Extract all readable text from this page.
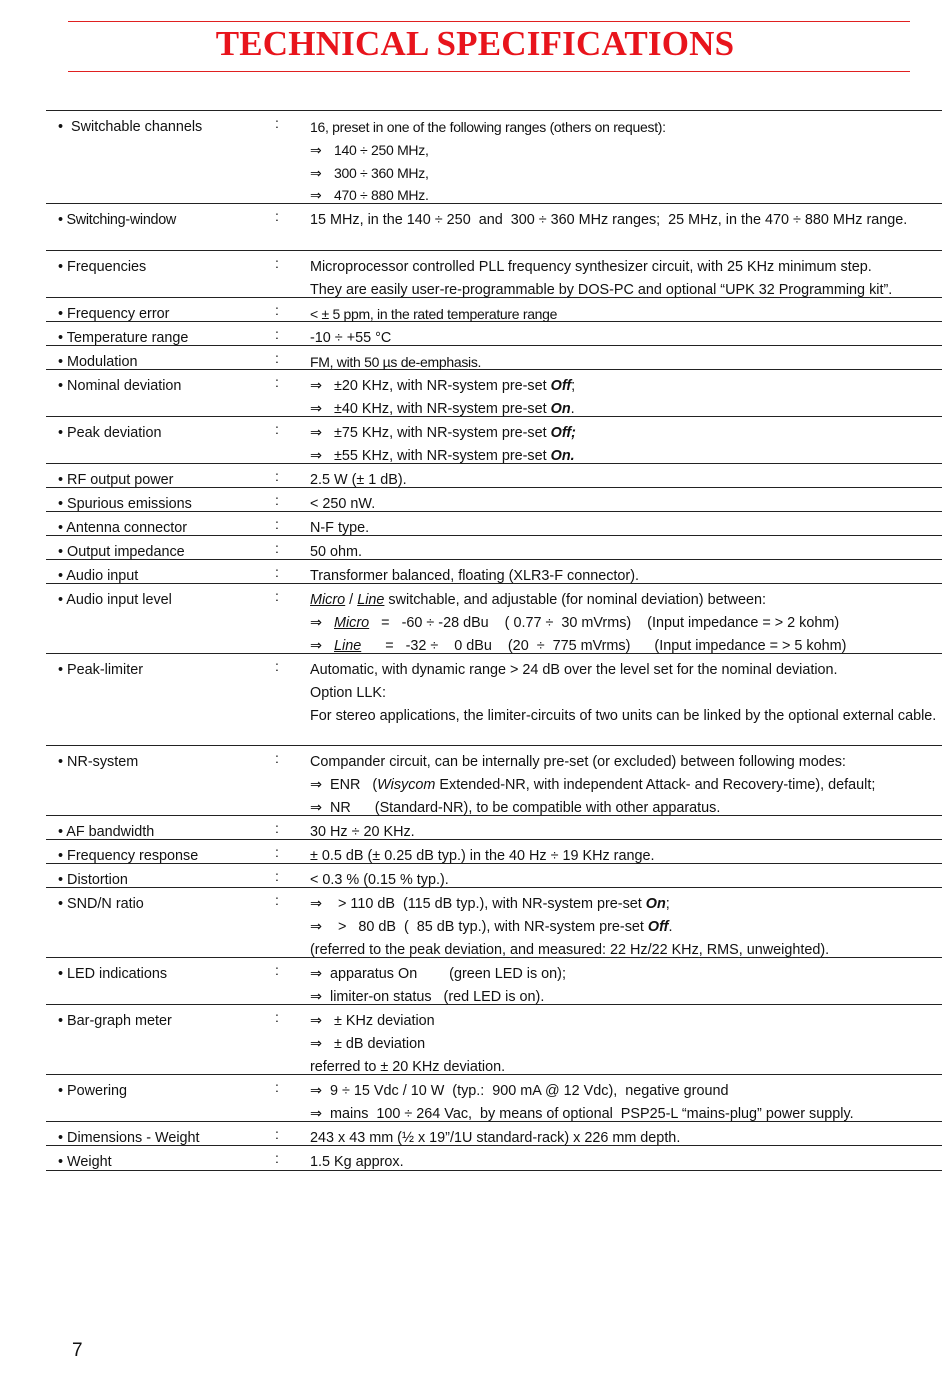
TECHNICAL SPECIFICATIONS
• Switchable channels	: 16, preset in one of the following ranges (others on request):
⇒ 140 ÷ 250 MHz,
⇒ 300 ÷ 360 MHz,
⇒ 470 ÷ 880 MHz.
• Switching-window	: 15 MHz, in the 140 ÷ 250  and  300 ÷ 360 MHz ranges;  25 MHz, in the 470 ÷ 880 MHz range.
• Frequencies	: Microprocessor controlled PLL frequency synthesizer circuit, with 25 KHz minimum step.
They are easily user-re-programmable by DOS-PC and optional “UPK 32 Programming kit”.
• Frequency error	: < ± 5 ppm, in the rated temperature range
• Temperature range	: -10 ÷ +55 °C
• Modulation	: FM, with 50 µs de-emphasis.
• Nominal deviation	: ⇒ ±20 KHz, with NR-system pre-set Off;
⇒ ±40 KHz, with NR-system pre-set On.
• Peak deviation	: ⇒ ±75 KHz, with NR-system pre-set Off;
⇒ ±55 KHz, with NR-system pre-set On.
• RF output power	: 2.5 W (± 1 dB).
• Spurious emissions	: < 250 nW.
• Antenna connector	: N-F type.
• Output impedance	: 50 ohm.
• Audio input	: Transformer balanced, floating (XLR3-F connector).
• Audio input level	: Micro / Line switchable, and adjustable (for nominal deviation) between:
⇒ Micro   =   -60 ÷ -28 dBu    ( 0.77 ÷  30 mVrms)    (Input impedance = > 2 kohm)
⇒ Line      =   -32 ÷    0 dBu    (20  ÷  775 mVrms)      (Input impedance = > 5 kohm)
• Peak-limiter	: Automatic, with dynamic range > 24 dB over the level set for the nominal deviation.
Option LLK:
For stereo applications, the limiter-circuits of two units can be linked by the optional external cable.
• NR-system	: Compander circuit, can be internally pre-set (or excluded) between following modes:
⇒ ENR   (Wisycom Extended-NR, with independent Attack- and Recovery-time), default;
⇒ NR      (Standard-NR), to be compatible with other apparatus.
• AF bandwidth	: 30 Hz ÷ 20 KHz.
• Frequency response	: ± 0.5 dB (± 0.25 dB typ.) in the 40 Hz ÷ 19 KHz range.
• Distortion	: < 0.3 % (0.15 % typ.).
• SND/N ratio	: ⇒ > 110 dB  (115 dB typ.), with NR-system pre-set On;
⇒ >   80 dB  (  85 dB typ.), with NR-system pre-set Off.
(referred to the peak deviation, and measured: 22 Hz/22 KHz, RMS, unweighted).
• LED indications	: ⇒ apparatus On        (green LED is on);
⇒ limiter-on status   (red LED is on).
• Bar-graph meter	: ⇒ ± KHz deviation
⇒ ± dB deviation
referred to ± 20 KHz deviation.
• Powering	: ⇒ 9 ÷ 15 Vdc / 10 W  (typ.:  900 mA @ 12 Vdc),  negative ground
⇒ mains  100 ÷ 264 Vac,  by means of optional  PSP25-L “mains-plug” power supply.
• Dimensions - Weight	: 243 x 43 mm (½ x 19”/1U standard-rack) x 226 mm depth.
• Weight	: 1.5 Kg approx.
7
